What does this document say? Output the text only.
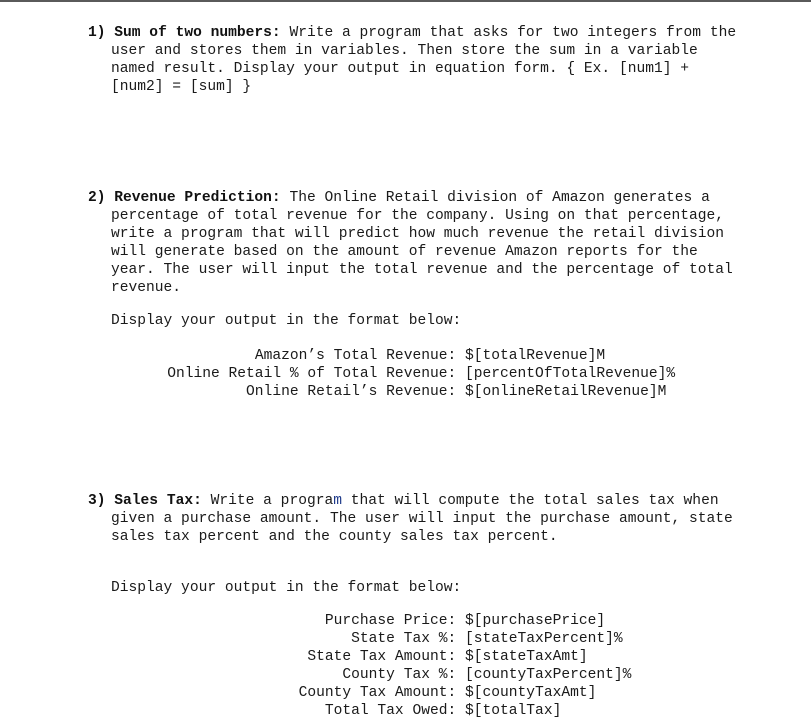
1) Sum of two numbers: Write a program that asks for two integers from the user and stores them in variables. Then store the sum in a variable named result. Display your output in equation form. { Ex. [num1] + [num2] = [sum] }

2) Revenue Prediction: The Online Retail division of Amazon generates a percentage of total revenue for the company. Using on that percentage, write a program that will predict how much revenue the retail division will generate based on the amount of revenue Amazon reports for the year. The user will input the total revenue and the percentage of total revenue.

Display your output in the format below:

Amazon’s Total Revenue: $[totalRevenue]M
Online Retail % of Total Revenue: [percentOfTotalRevenue]%
Online Retail’s Revenue: $[onlineRetailRevenue]M

3) Sales Tax: Write a program that will compute the total sales tax when given a purchase amount. The user will input the purchase amount, state sales tax percent and the county sales tax percent.

Display your output in the format below:

Purchase Price: $[purchasePrice]
State Tax %: [stateTaxPercent]%
State Tax Amount: $[stateTaxAmt]
County Tax %: [countyTaxPercent]%
County Tax Amount: $[countyTaxAmt]
Total Tax Owed: $[totalTax]
